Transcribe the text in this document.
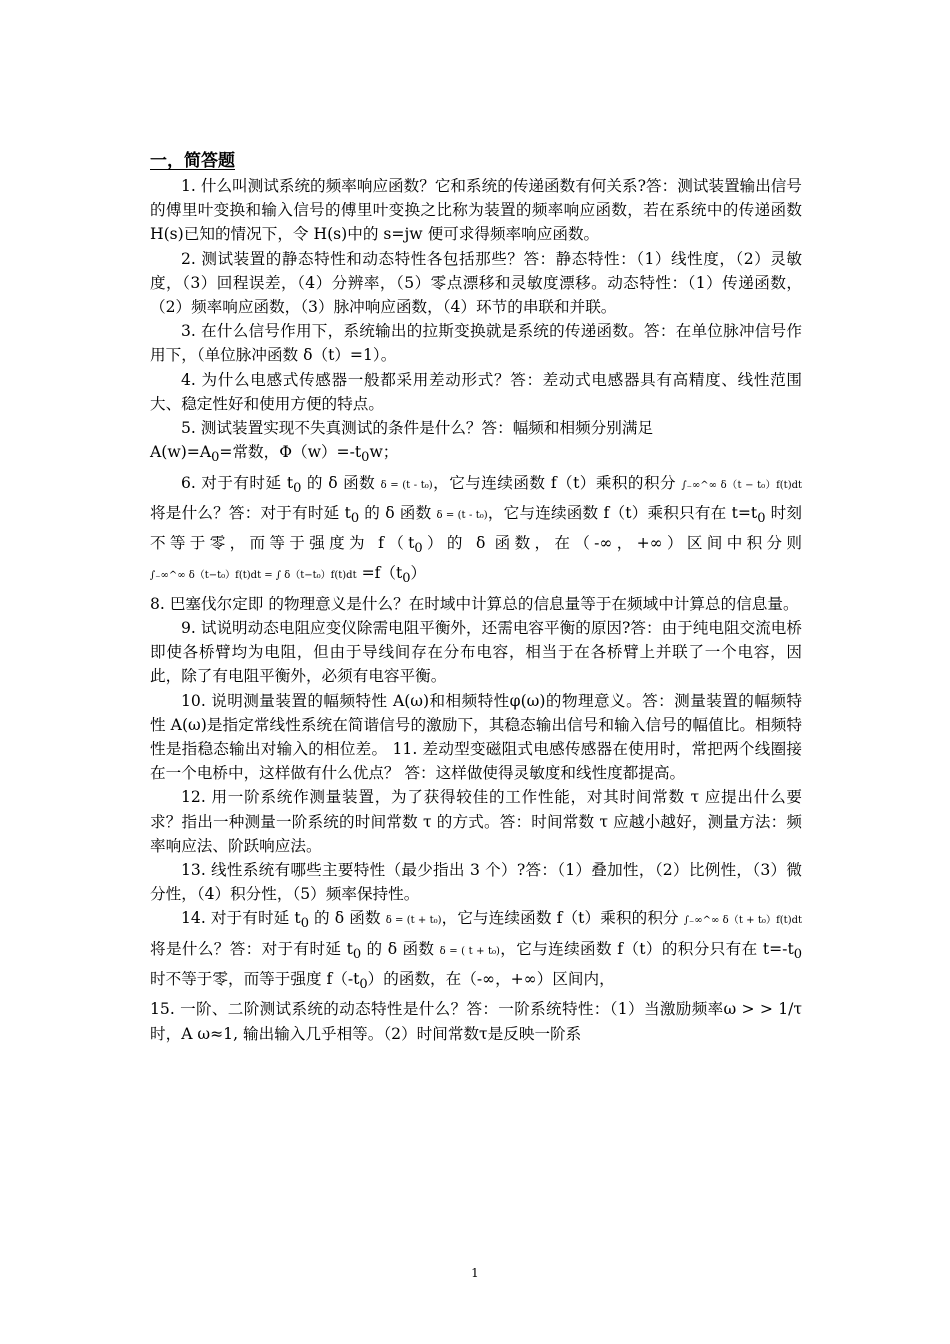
一，简答题

1. 什么叫测试系统的频率响应函数？它和系统的传递函数有何关系?答：测试装置输出信号的傅里叶变换和输入信号的傅里叶变换之比称为装置的频率响应函数，若在系统中的传递函数 H(s)已知的情况下，令 H(s)中的 s=jw 便可求得频率响应函数。

2. 测试装置的静态特性和动态特性各包括那些？答：静态特性：（1）线性度，（2）灵敏度，（3）回程误差，（4）分辨率，（5）零点漂移和灵敏度漂移。动态特性：（1）传递函数，（2）频率响应函数，（3）脉冲响应函数，（4）环节的串联和并联。

3. 在什么信号作用下，系统输出的拉斯变换就是系统的传递函数。答：在单位脉冲信号作用下，（单位脉冲函数 δ（t）=1）。

4. 为什么电感式传感器一般都采用差动形式？答：差动式电感器具有高精度、线性范围大、稳定性好和使用方便的特点。

5. 测试装置实现不失真测试的条件是什么？答：幅频和相频分别满足

$A(w)=A_0=$常数，$\Phi(w)=-t_0w$；

6. 对于有时延 $t_0$ 的 δ 函数 δ = (t - t₀)，它与连续函数 f（t）乘积的积分 ∫₋∞^∞ δ（t − t₀）f(t)dt 将是什么？答：对于有时延 $t_0$ 的 δ 函数 δ = (t - t₀)，它与连续函数 f（t）乘积只有在 $t=t_0$ 时刻不等于零，而等于强度为 $f(t_0)$的 δ 函数，在（-∞，+∞）区间中积分则 ∫₋∞^∞ δ（t−t₀）f(t)dt = ∫ $\delta(t-t_0)f(t)dt =f(t_0)$

8. 巴塞伐尔定即 的物理意义是什么？在时域中计算总的信息量等于在频域中计算总的信息量。

9. 试说明动态电阻应变仪除需电阻平衡外，还需电容平衡的原因?答：由于纯电阻交流电桥即使各桥臂均为电阻，但由于导线间存在分布电容，相当于在各桥臂上并联了一个电容，因此，除了有电阻平衡外，必须有电容平衡。

10. 说明测量装置的幅频特性 A(ω)和相频特性φ(ω)的物理意义。答：测量装置的幅频特性 A(ω)是指定常线性系统在简谐信号的激励下，其稳态输出信号和输入信号的幅值比。相频特性是指稳态输出对输入的相位差。 11. 差动型变磁阻式电感传感器在使用时，常把两个线圈接在一个电桥中，这样做有什么优点？ 答：这样做使得灵敏度和线性度都提高。

12. 用一阶系统作测量装置，为了获得较佳的工作性能，对其时间常数 τ 应提出什么要求？指出一种测量一阶系统的时间常数 τ 的方式。答：时间常数 τ 应越小越好，测量方法：频率响应法、阶跃响应法。

13. 线性系统有哪些主要特性（最少指出 3 个）?答：（1）叠加性，（2）比例性，（3）微分性，（4）积分性，（5）频率保持性。

14. 对于有时延 $t_0$ 的 δ 函数 δ = (t + t₀)，它与连续函数 f（t）乘积的积分 ∫₋∞^∞ δ（t + t₀）f(t)dt 将是什么？答：对于有时延 $t_0$ 的 δ 函数 δ = ( t + t₀)，它与连续函数 f（t）的积分只有在 $t=-t_0$ 时不等于零，而等于强度 $f(-t_0)$的函数，在（-∞，+∞）区间内，

15. 一阶、二阶测试系统的动态特性是什么？答：一阶系统特性：（1）当激励频率ω > > 1/τ时，A ω≈1, 输出输入几乎相等。（2）时间常数τ是反映一阶系

1
